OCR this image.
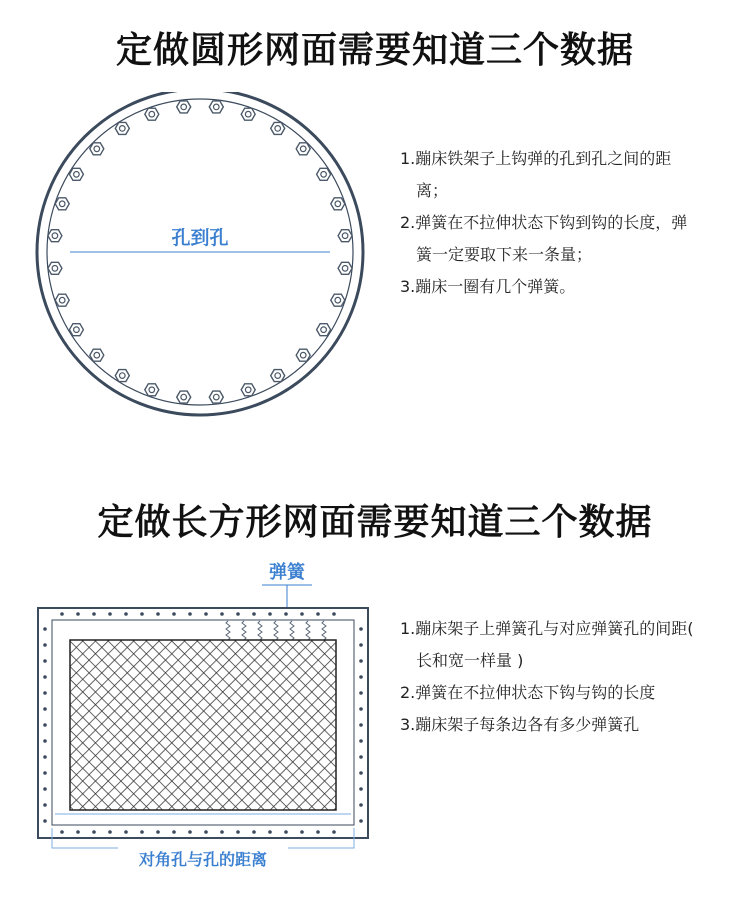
定做圆形网面需要知道三个数据
孔到孔
1.蹦床铁架子上钩弹的孔到孔之间的距离；
2.弹簧在不拉伸状态下钩到钩的长度，弹簧一定要取下来一条量；
3.蹦床一圈有几个弹簧。
定做长方形网面需要知道三个数据
弹簧
对角孔与孔的距离
1.蹦床架子上弹簧孔与对应弹簧孔的间距( 长和宽一样量 )
2.弹簧在不拉伸状态下钩与钩的长度
3.蹦床架子每条边各有多少弹簧孔
